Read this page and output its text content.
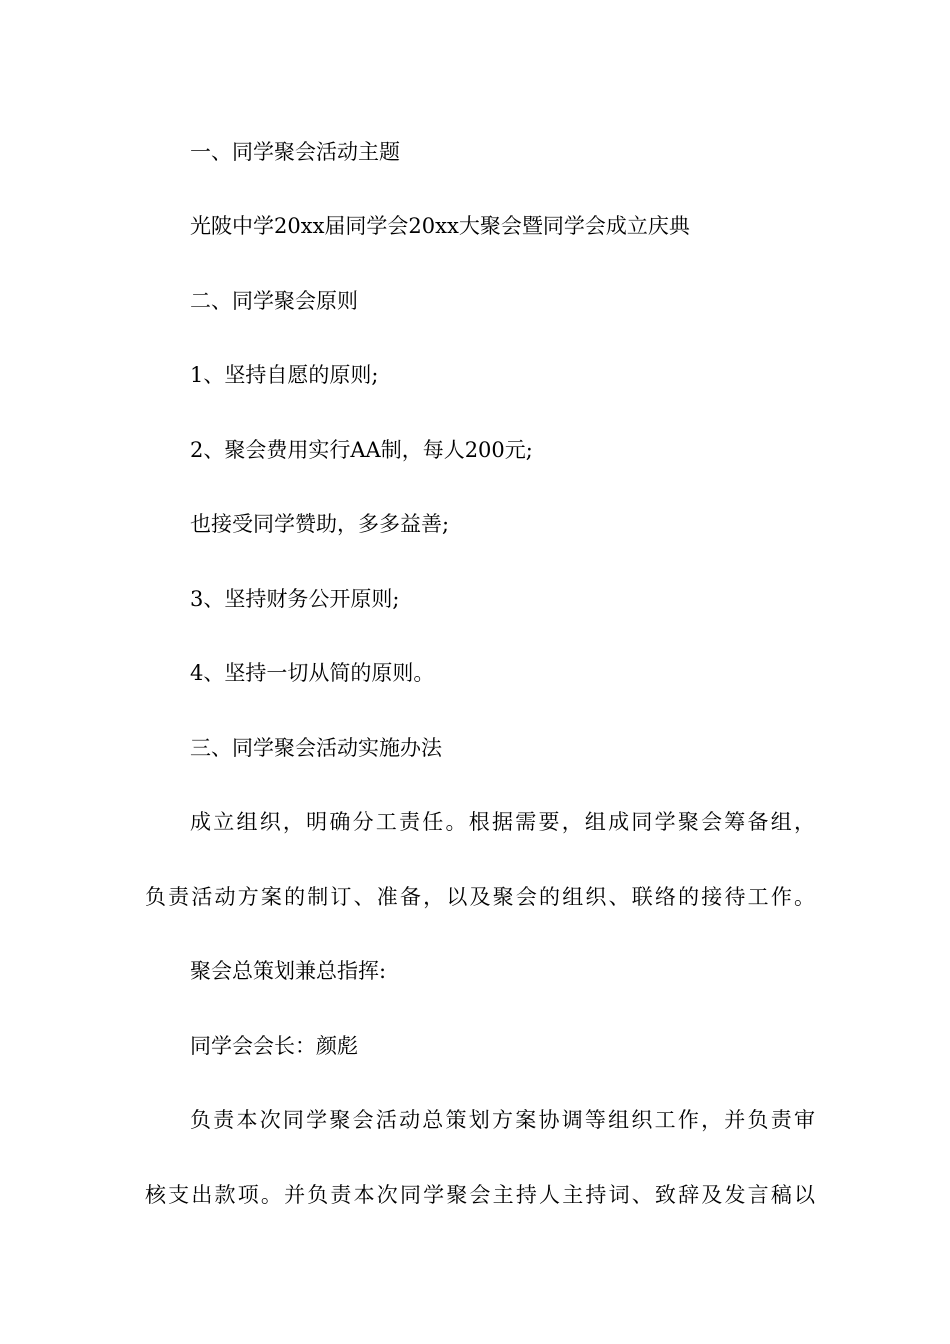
一、同学聚会活动主题
光陂中学20xx届同学会20xx大聚会暨同学会成立庆典
二、同学聚会原则
1、坚持自愿的原则;
2、聚会费用实行AA制，每人200元;
也接受同学赞助，多多益善;
3、坚持财务公开原则;
4、坚持一切从简的原则。
三、同学聚会活动实施办法
成立组织，明确分工责任。根据需要，组成同学聚会筹备组，
负责活动方案的制订、准备，以及聚会的组织、联络的接待工作。
聚会总策划兼总指挥:
同学会会长：颜彪
负责本次同学聚会活动总策划方案协调等组织工作，并负责审
核支出款项。并负责本次同学聚会主持人主持词、致辞及发言稿以
